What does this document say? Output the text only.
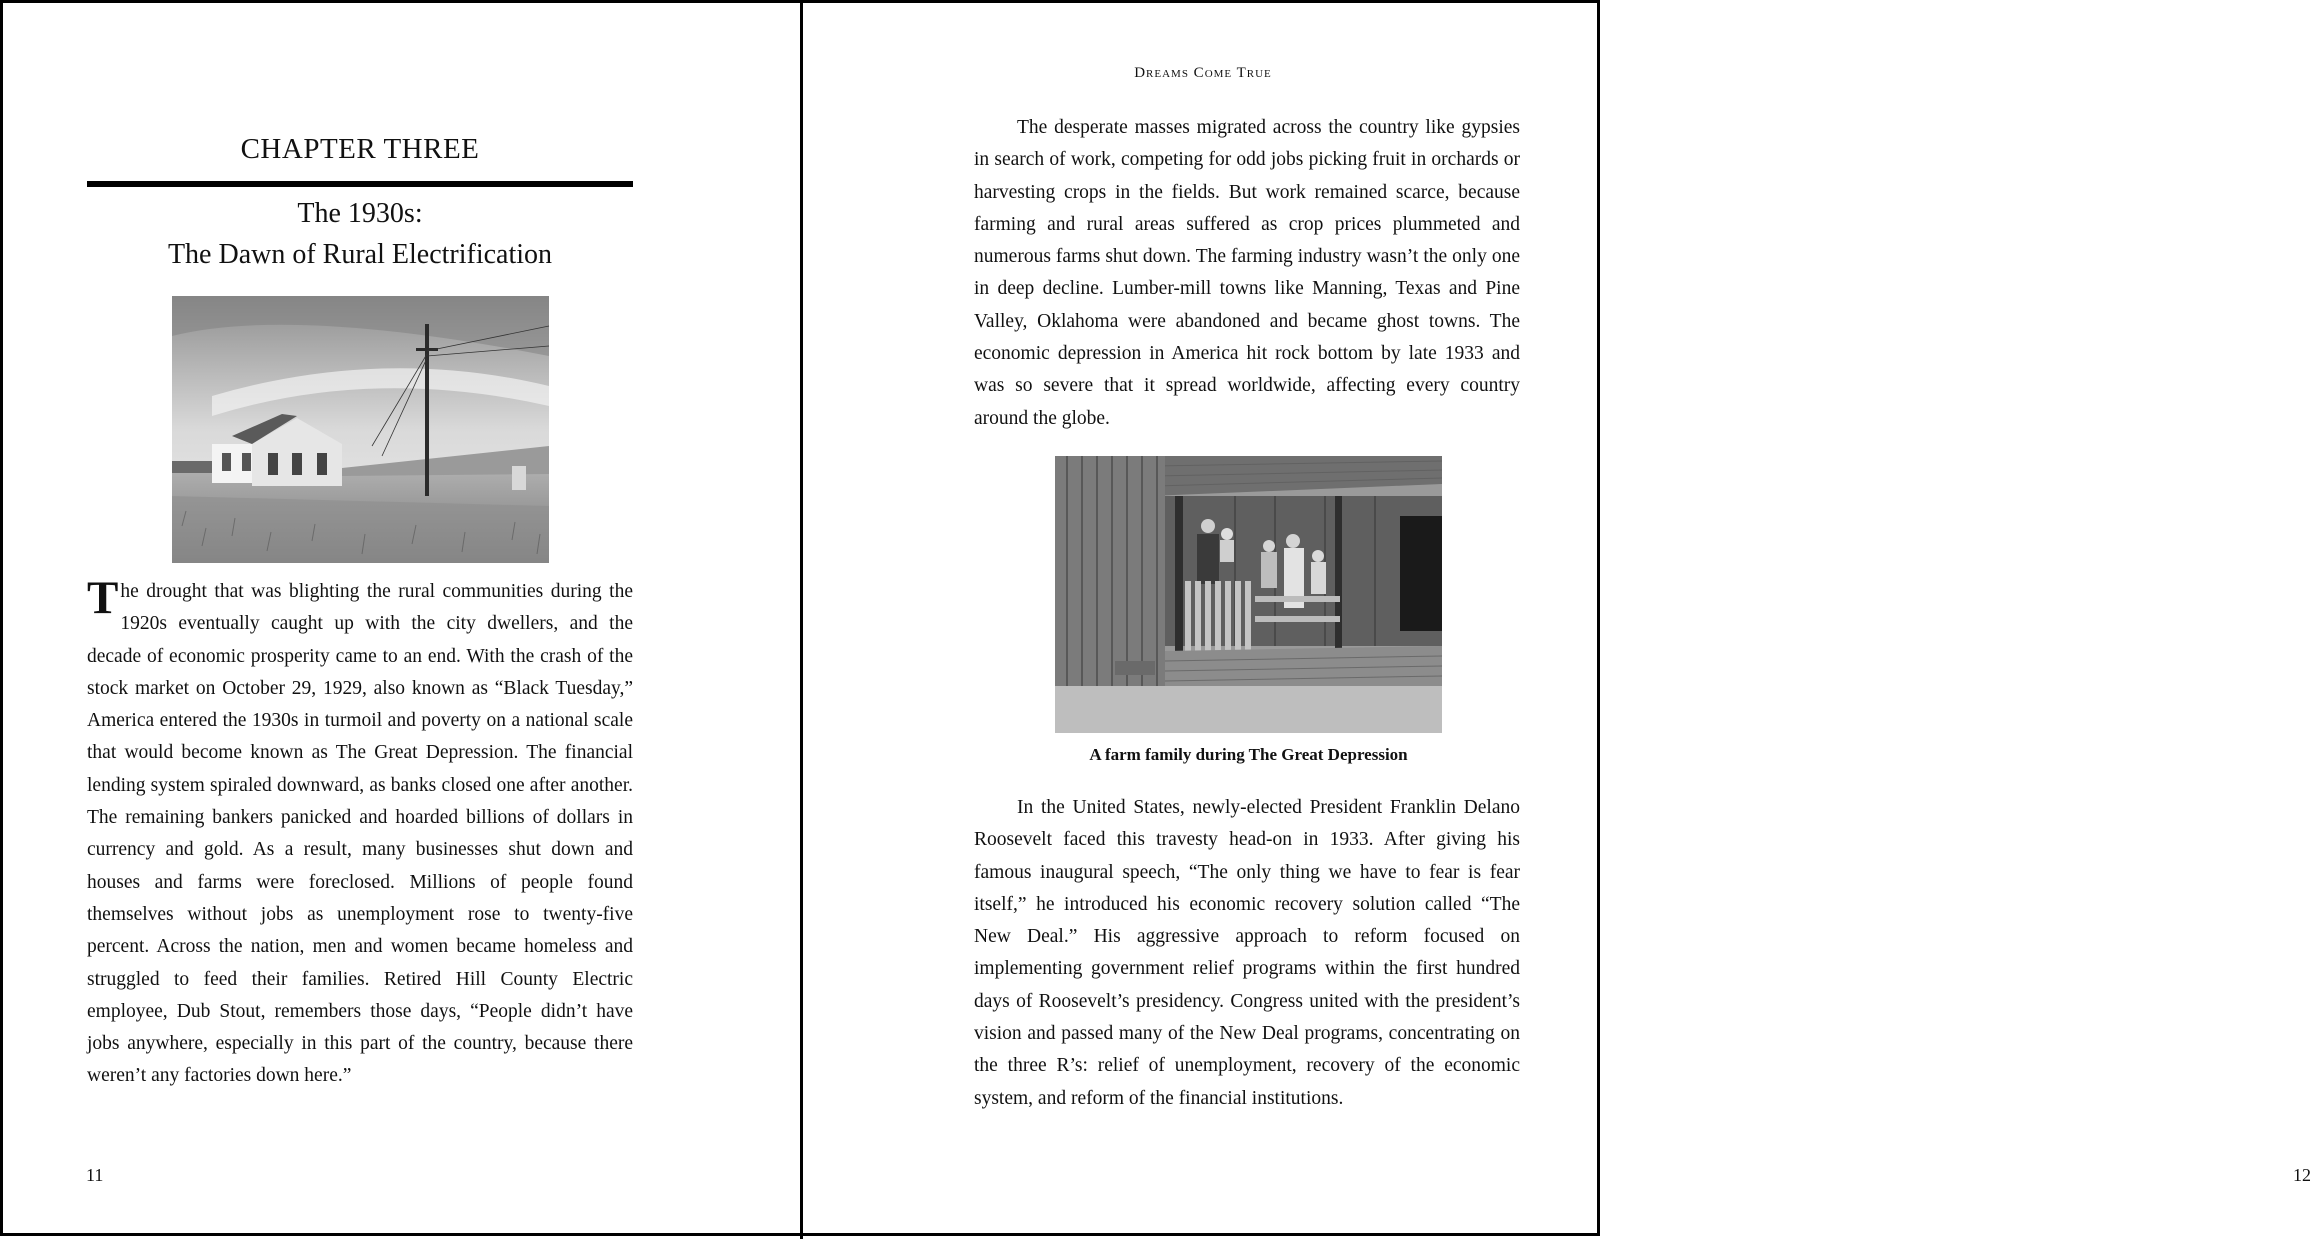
CHAPTER THREE
The 1930s:
The Dawn of Rural Electrification

The drought that was blighting the rural communities during the 1920s eventually caught up with the city dwellers, and the decade of economic prosperity came to an end. With the crash of the stock market on October 29, 1929, also known as “Black Tuesday,” America entered the 1930s in turmoil and poverty on a national scale that would become known as The Great Depression. The financial lending system spiraled downward, as banks closed one after another. The remaining bankers panicked and hoarded billions of dollars in currency and gold. As a result, many businesses shut down and houses and farms were foreclosed. Millions of people found themselves without jobs as unemployment rose to twenty-five percent. Across the nation, men and women became homeless and struggled to feed their families. Retired Hill County Electric employee, Dub Stout, remembers those days, “People didn’t have jobs anywhere, especially in this part of the country, because there weren’t any factories down here.”

11
Dreams Come True

The desperate masses migrated across the country like gypsies in search of work, competing for odd jobs picking fruit in orchards or harvesting crops in the fields. But work remained scarce, because farming and rural areas suffered as crop prices plummeted and numerous farms shut down. The farming industry wasn’t the only one in deep decline. Lumber-mill towns like Manning, Texas and Pine Valley, Oklahoma were abandoned and became ghost towns. The economic depression in America hit rock bottom by late 1933 and was so severe that it spread worldwide, affecting every country around the globe.

In the United States, newly-elected President Franklin Delano Roosevelt faced this travesty head-on in 1933. After giving his famous inaugural speech, “The only thing we have to fear is fear itself,” he introduced his economic recovery solution called “The New Deal.” His aggressive approach to reform focused on implementing government relief programs within the first hundred days of Roosevelt’s presidency. Congress united with the president’s vision and passed many of the New Deal programs, concentrating on the three R’s: relief of unemployment, recovery of the economic system, and reform of the financial institutions.

12
A farm family during The Great Depression
